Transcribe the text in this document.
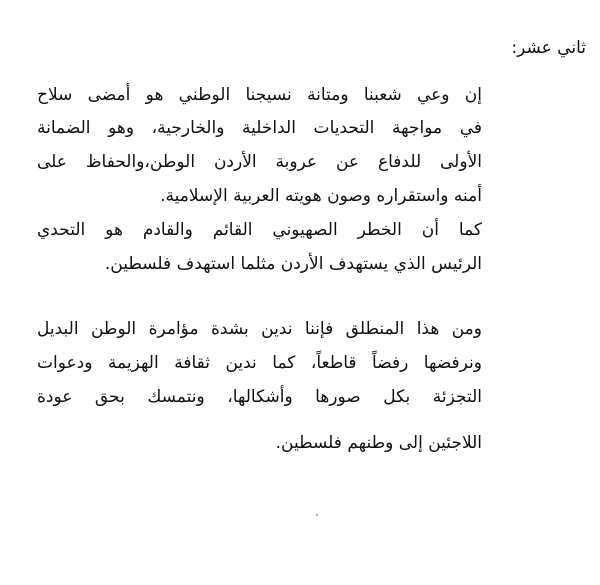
ثاني عشر:
إن وعي شعبنا ومتانة نسيجنا الوطني هو أمضى سلاح
في مواجهة التحديات الداخلية والخارجية، وهو الضمانة
الأولى للدفاع عن عروبة الأردن الوطن،والحفاظ على
أمنه واستقراره وصون هويته العربية الإسلامية.
كما أن الخطر الصهيوني القائم والقادم هو التحدي
الرئيس الذي يستهدف الأردن مثلما استهدف فلسطين.
ومن هذا المنطلق فإننا ندين بشدة مؤامرة الوطن البديل
ونرفضها رفضاً قاطعاً، كما ندين ثقافة الهزيمة ودعوات
التجزئة بكل صورها وأشكالها، ونتمسك بحق عودة
اللاجئين إلى وطنهم فلسطين.
